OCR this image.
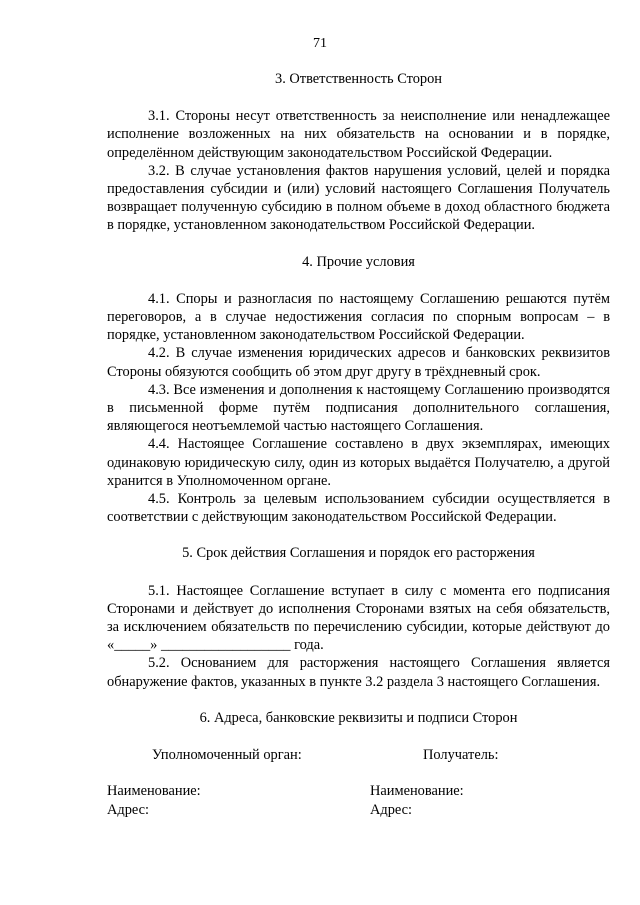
71

3. Ответственность Сторон

3.1. Стороны несут ответственность за неисполнение или ненадлежащее исполнение возложенных на них обязательств на основании и в порядке, определённом действующим законодательством Российской Федерации.

3.2. В случае установления фактов нарушения условий, целей и порядка предоставления субсидии и (или) условий настоящего Соглашения Получатель возвращает полученную субсидию в полном объеме в доход областного бюджета в порядке, установленном законодательством Российской Федерации.

4. Прочие условия

4.1. Споры и разногласия по настоящему Соглашению решаются путём переговоров, а в случае недостижения согласия по спорным вопросам – в порядке, установленном законодательством Российской Федерации.

4.2. В случае изменения юридических адресов и банковских реквизитов Стороны обязуются сообщить об этом друг другу в трёхдневный срок.

4.3. Все изменения и дополнения к настоящему Соглашению производятся в письменной форме путём подписания дополнительного соглашения, являющегося неотъемлемой частью настоящего Соглашения.

4.4. Настоящее Соглашение составлено в двух экземплярах, имеющих одинаковую юридическую силу, один из которых выдаётся Получателю, а другой хранится в Уполномоченном органе.

4.5. Контроль за целевым использованием субсидии осуществляется в соответствии с действующим законодательством Российской Федерации.

5. Срок действия Соглашения и порядок его расторжения

5.1. Настоящее Соглашение вступает в силу с момента его подписания Сторонами и действует до исполнения Сторонами взятых на себя обязательств, за исключением обязательств по перечислению субсидии, которые действуют до «_____» __________________ года.

5.2. Основанием для расторжения настоящего Соглашения является обнаружение фактов, указанных в пункте 3.2 раздела 3 настоящего Соглашения.

6. Адреса, банковские реквизиты и подписи Сторон

Уполномоченный орган:	Получатель:
Наименование:
Адрес:
Наименование:
Адрес:
